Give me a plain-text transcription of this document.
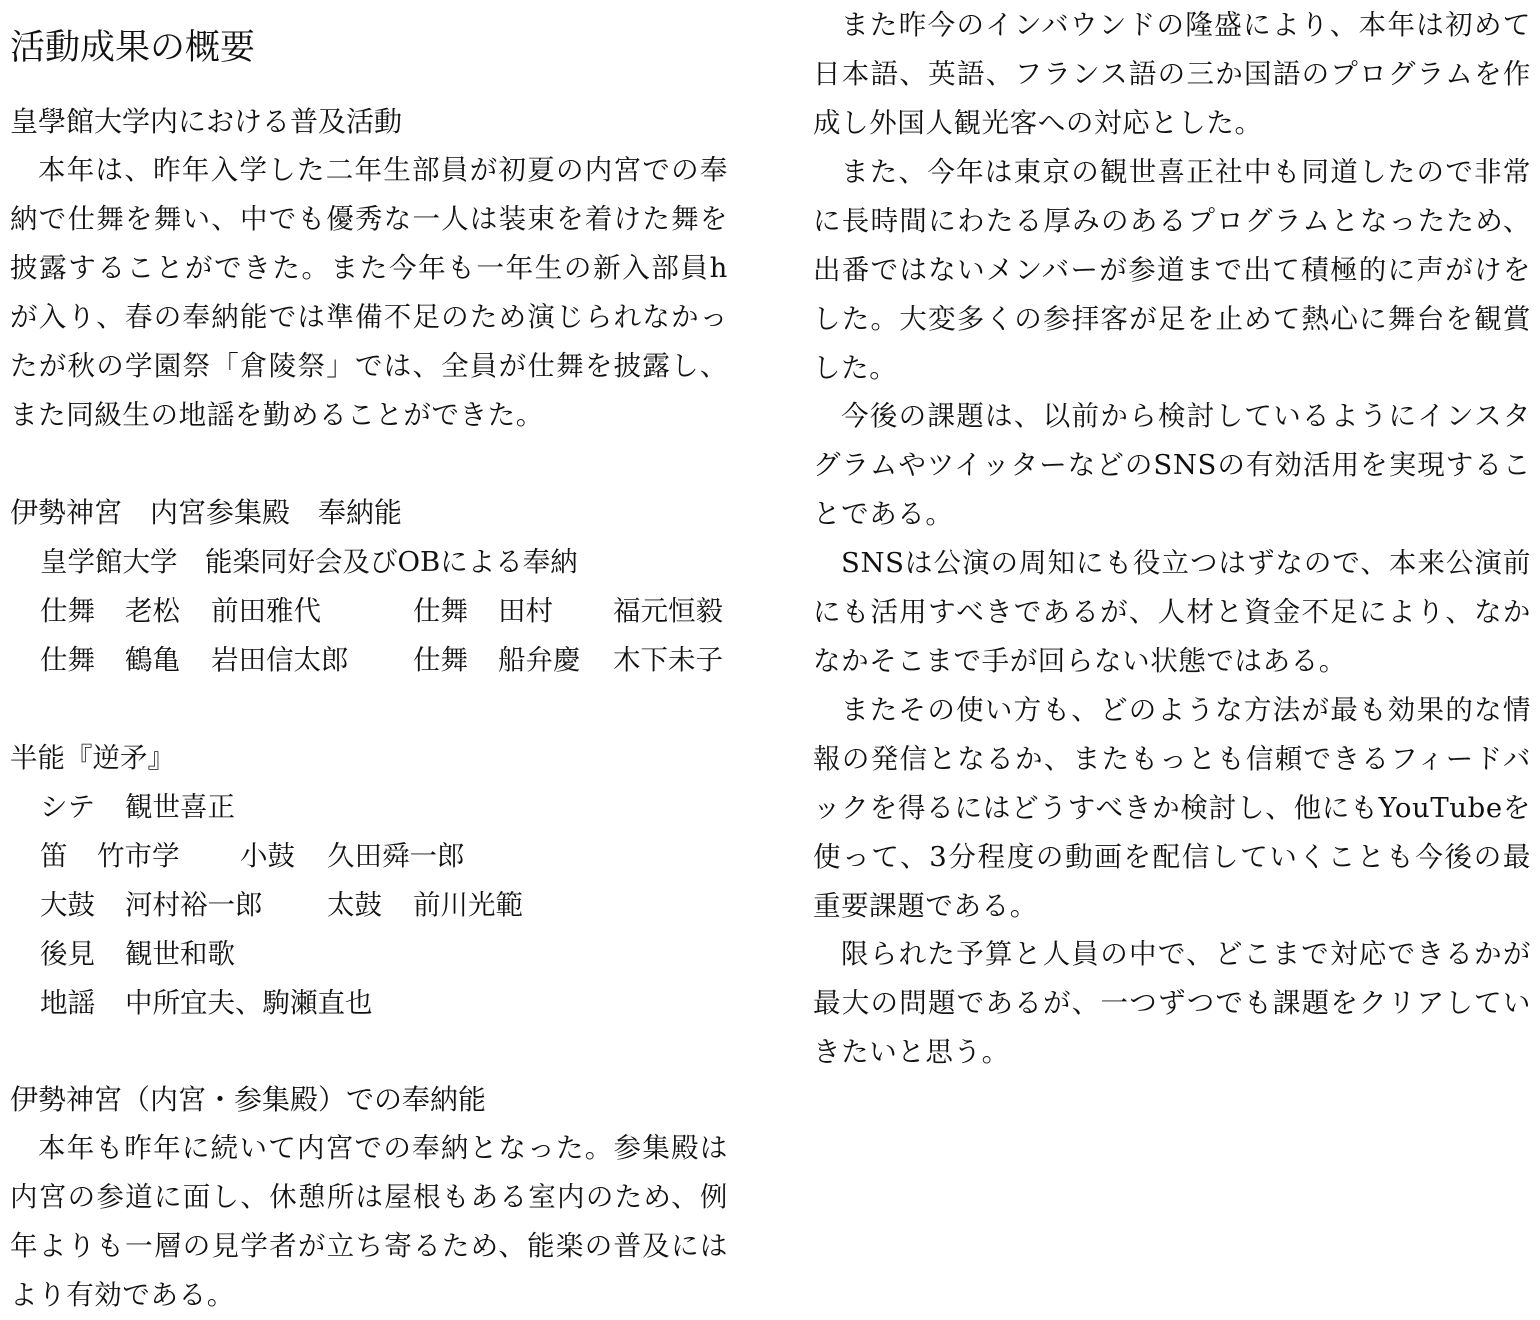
活動成果の概要
皇學館大学内における普及活動

本年は、昨年入学した二年生部員が初夏の内宮での奉納で仕舞を舞い、中でも優秀な一人は装束を着けた舞を披露することができた。また今年も一年生の新入部員hが入り、春の奉納能では準備不足のため演じられなかったが秋の学園祭「倉陵祭」では、全員が仕舞を披露し、また同級生の地謡を勤めることができた。

伊勢神宮　内宮参集殿　奉納能
皇学館大学　能楽同好会及びOBによる奉納
仕舞 老松 前田雅代	仕舞 田村 福元恒毅
仕舞 鶴亀 岩田信太郎 仕舞 船弁慶 木下未子
半能『逆矛』
シテ 観世喜正
笛 竹市学 小鼓 久田舜一郎
大鼓 河村裕一郎 太鼓 前川光範
後見 観世和歌
地謡 中所宜夫、駒瀬直也
伊勢神宮（内宮・参集殿）での奉納能

本年も昨年に続いて内宮での奉納となった。参集殿は内宮の参道に面し、休憩所は屋根もある室内のため、例年よりも一層の見学者が立ち寄るため、能楽の普及にはより有効である。

また昨今のインバウンドの隆盛により、本年は初めて日本語、英語、フランス語の三か国語のプログラムを作成し外国人観光客への対応とした。

また、今年は東京の観世喜正社中も同道したので非常に長時間にわたる厚みのあるプログラムとなったため、出番ではないメンバーが参道まで出て積極的に声がけをした。大変多くの参拝客が足を止めて熱心に舞台を観賞した。

今後の課題は、以前から検討しているようにインスタグラムやツイッターなどのSNSの有効活用を実現することである。

SNSは公演の周知にも役立つはずなので、本来公演前にも活用すべきであるが、人材と資金不足により、なかなかそこまで手が回らない状態ではある。

またその使い方も、どのような方法が最も効果的な情報の発信となるか、またもっとも信頼できるフィードバックを得るにはどうすべきか検討し、他にもYouTubeを使って、3分程度の動画を配信していくことも今後の最重要課題である。

限られた予算と人員の中で、どこまで対応できるかが最大の問題であるが、一つずつでも課題をクリアしていきたいと思う。
